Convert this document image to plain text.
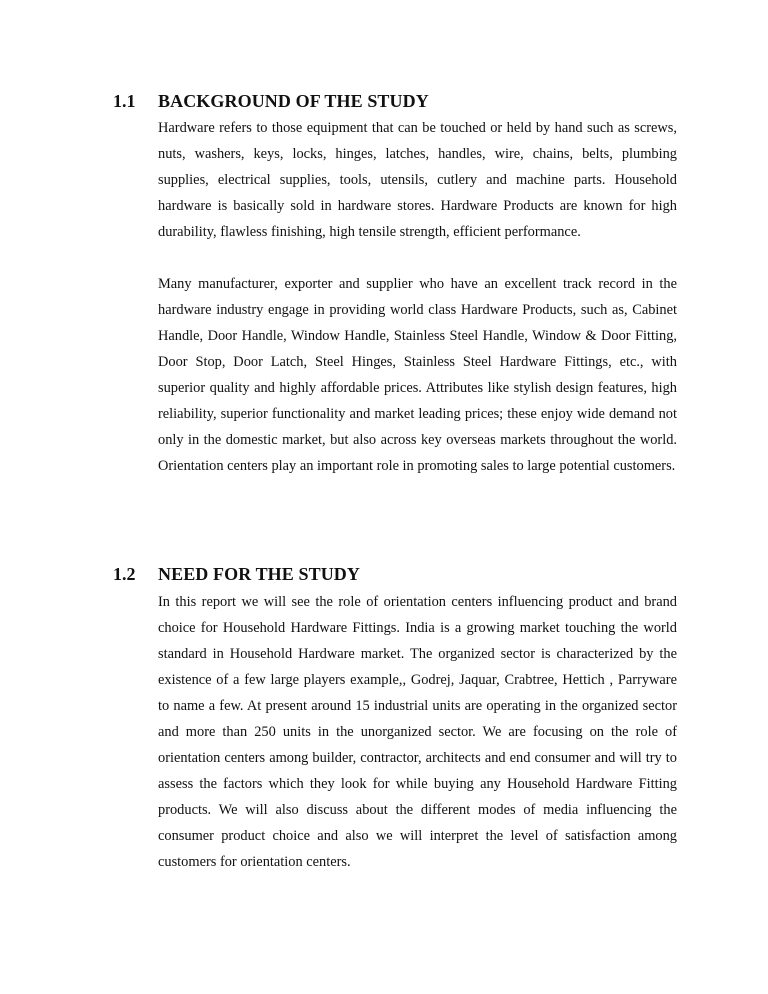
1.1 BACKGROUND OF THE STUDY

Hardware refers to those equipment that can be touched or held by hand such as screws, nuts, washers, keys, locks, hinges, latches, handles, wire, chains, belts, plumbing supplies, electrical supplies, tools, utensils, cutlery and machine parts. Household hardware is basically sold in hardware stores. Hardware Products are known for high durability, flawless finishing, high tensile strength, efficient performance.

Many manufacturer, exporter and supplier who have an excellent track record in the hardware industry engage in providing world class Hardware Products, such as, Cabinet Handle, Door Handle, Window Handle, Stainless Steel Handle, Window & Door Fitting, Door Stop, Door Latch, Steel Hinges, Stainless Steel Hardware Fittings, etc., with superior quality and highly affordable prices. Attributes like stylish design features, high reliability, superior functionality and market leading prices; these enjoy wide demand not only in the domestic market, but also across key overseas markets throughout the world. Orientation centers play an important role in promoting sales to large potential customers.

1.2 NEED FOR THE STUDY

In this report we will see the role of orientation centers influencing product and brand choice for Household Hardware Fittings. India is a growing market touching the world standard in Household Hardware market. The organized sector is characterized by the existence of a few large players example,, Godrej, Jaquar, Crabtree, Hettich , Parryware to name a few. At present around 15 industrial units are operating in the organized sector and more than 250 units in the unorganized sector. We are focusing on the role of orientation centers among builder, contractor, architects and end consumer and will try to assess the factors which they look for while buying any Household Hardware Fitting products. We will also discuss about the different modes of media influencing the consumer product choice and also we will interpret the level of satisfaction among customers for orientation centers.
